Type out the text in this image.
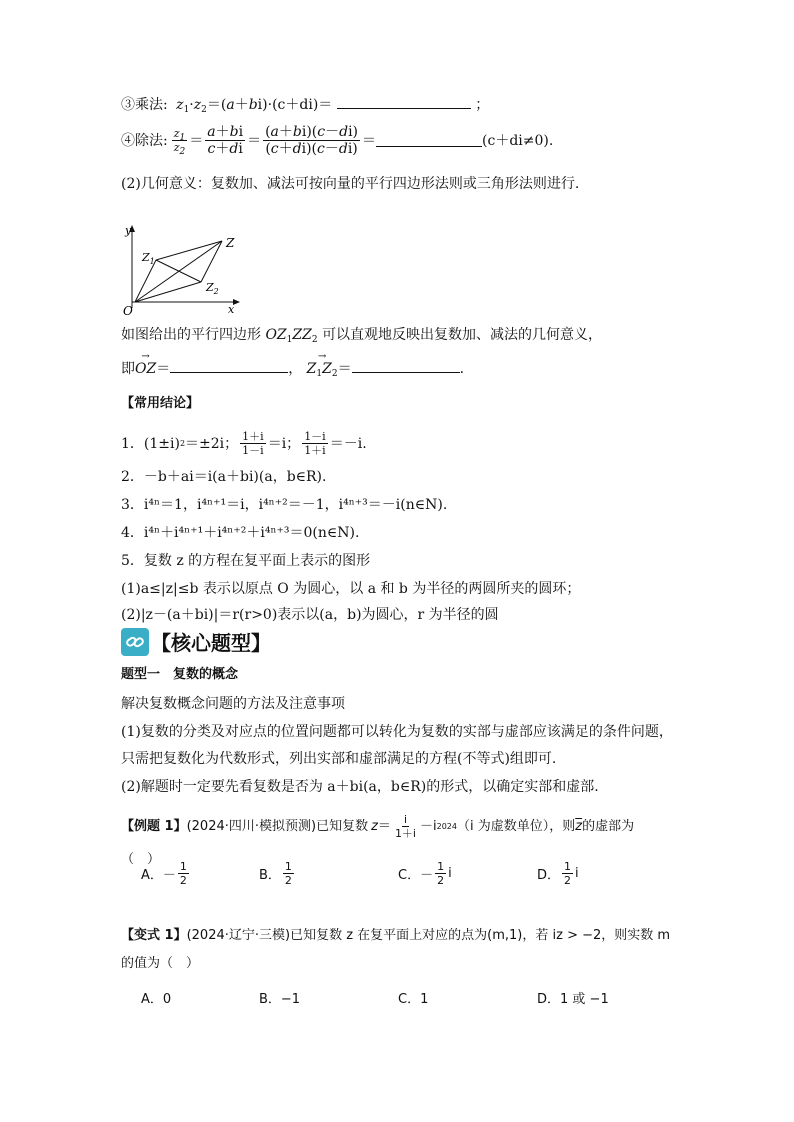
③乘法: $z_1\cdot z_2=(a+bi)\cdot(c+di)=$	；
④除法: $\frac{z_1}{z_2} = \frac{a+bi}{c+di} = \frac{(a+bi)(c-di)}{(c+di)(c-di)}$ ＝	(c＋di≠0).
(2)几何意义：复数加、减法可按向量的平行四边形法则或三角形法则进行.
y
x
O
Z
$Z_1$
$Z_2$
如图给出的平行四边形 $OZ_1ZZ_2$ 可以直观地反映出复数加、减法的几何意义，
即→ OZ＝	， → $Z_1Z_2=$	.
【常用结论】
1．(1±i) 2 ＝±2i； $\frac{1+i}{1-i} =i$； $\frac{1-i}{1+i} =-i$.
2．－b＋ai＝i(a＋bi)(a，b∈R).
3．i⁴ⁿ＝1，i⁴ⁿ⁺¹＝i，i⁴ⁿ⁺²＝－1，i⁴ⁿ⁺³＝－i(n∈N).
4．i⁴ⁿ＋i⁴ⁿ⁺¹＋i⁴ⁿ⁺²＋i⁴ⁿ⁺³＝0(n∈N).
5．复数 z 的方程在复平面上表示的图形
(1)a≤|z|≤b 表示以原点 O 为圆心，以 a 和 b 为半径的两圆所夹的圆环；
(2)|z－(a＋bi)|＝r(r>0)表示以(a，b)为圆心，r 为半径的圆
【核心题型】
题型一　复数的概念
解决复数概念问题的方法及注意事项
(1)复数的分类及对应点的位置问题都可以转化为复数的实部与虚部应该满足的条件问题，
只需把复数化为代数形式，列出实部和虚部满足的方程(不等式)组即可.
(2)解题时一定要先看复数是否为 a＋bi(a，b∈R)的形式，以确定实部和虚部.
【例题 1】 (2024·四川·模拟预测) 已知复数 $z = \frac{i}{1+i} -i$ 2024 （i 为虚数单位），则 $\overline{z}$ 的虚部为
（　）
A． － $\frac{1}{2}$	B． $\frac{1}{2}$	C． － $\frac{1}{2}$ i	D． $\frac{1}{2}$ i
【变式 1】(2024·辽宁·三模)已知复数 z 在复平面上对应的点为(m,1)，若 iz > −2，则实数 m
的值为（　）
A．0	B．−1	C．1	D．1 或 −1
